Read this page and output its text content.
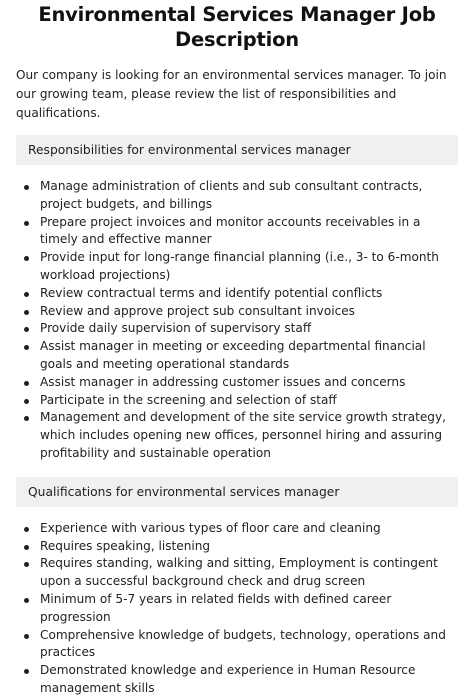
Environmental Services Manager Job Description

Our company is looking for an environmental services manager. To join our growing team, please review the list of responsibilities and qualifications.

Responsibilities for environmental services manager
Manage administration of clients and sub consultant contracts, project budgets, and billings
Prepare project invoices and monitor accounts receivables in a timely and effective manner
Provide input for long-range financial planning (i.e., 3- to 6-month workload projections)
Review contractual terms and identify potential conflicts
Review and approve project sub consultant invoices
Provide daily supervision of supervisory staff
Assist manager in meeting or exceeding departmental financial goals and meeting operational standards
Assist manager in addressing customer issues and concerns
Participate in the screening and selection of staff
Management and development of the site service growth strategy, which includes opening new offices, personnel hiring and assuring profitability and sustainable operation
Qualifications for environmental services manager
Experience with various types of floor care and cleaning
Requires speaking, listening
Requires standing, walking and sitting, Employment is contingent upon a successful background check and drug screen
Minimum of 5-7 years in related fields with defined career progression
Comprehensive knowledge of budgets, technology, operations and practices
Demonstrated knowledge and experience in Human Resource management skills
